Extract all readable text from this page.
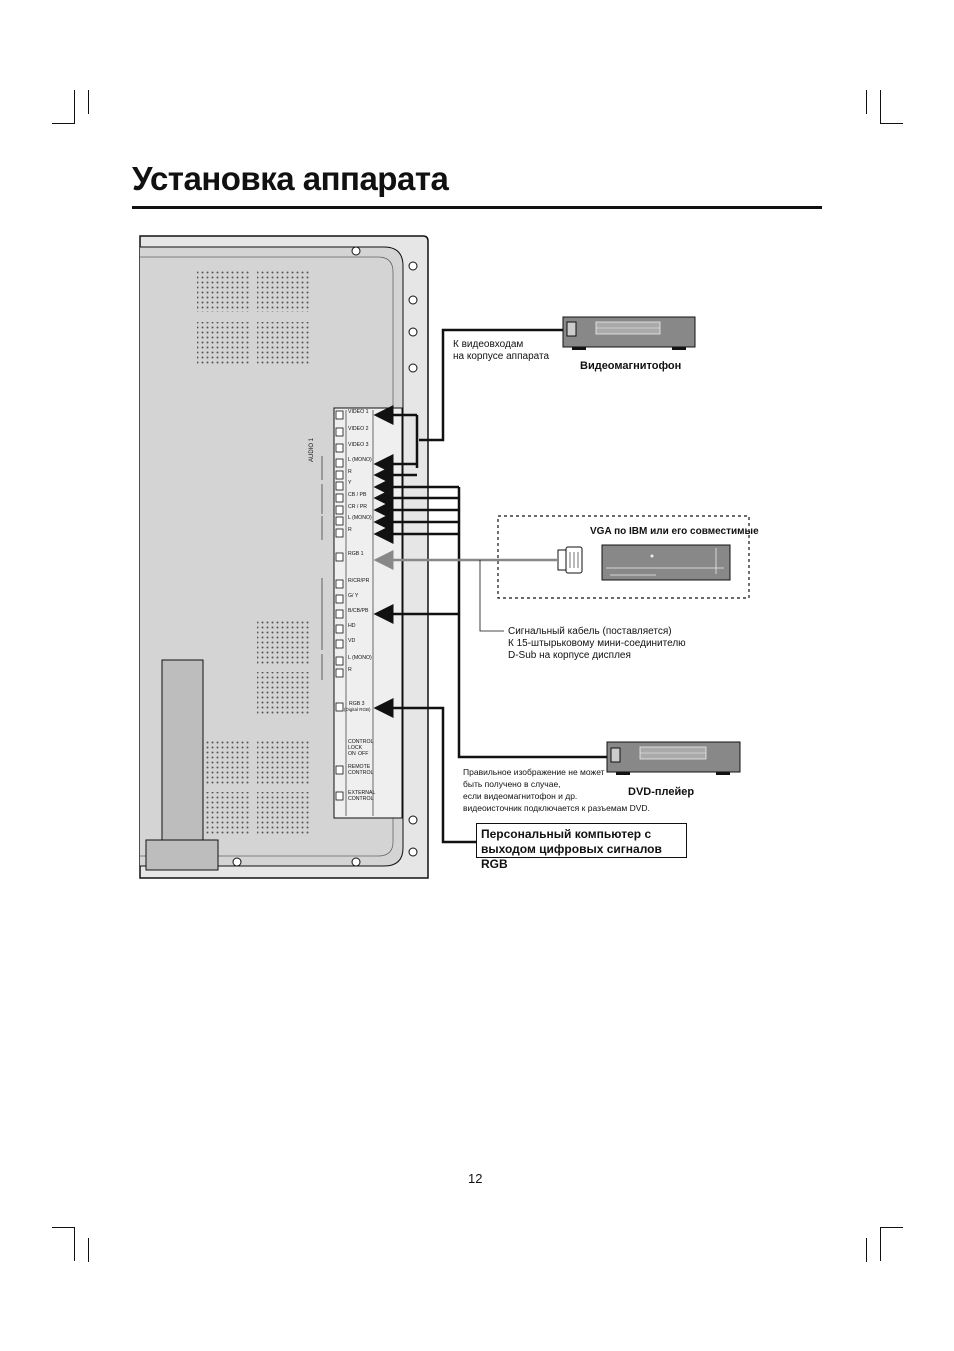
Установка аппарата
VIDEO 1
VIDEO 2
VIDEO 3
L (MONO)
R
Y
CB / PB
CR / PR
L (MONO)
R
RGB 1
R/CR/PR
G/ Y
B/CB/PB
HD
VD
L (MONO)
R
RGB 3
(Digital RGB)
CONTROL LOCK
ON OFF
REMOTE CONTROL
EXTERNAL CONTROL
AUDIO 1
К видеовходам
на корпусе аппарата
Видеомагнитофон
VGA по IBM или его совместимые
Сигнальный кабель (поставляется)
К 15-штырьковому мини-соединителю
D-Sub на корпусе дисплея
Правильное изображение не может
быть получено в случае,
если видеомагнитофон и др.
видеоисточник подключается к разъемам DVD.
DVD-плейер
Персональный компьютер с
выходом цифровых сигналов RGB
12
